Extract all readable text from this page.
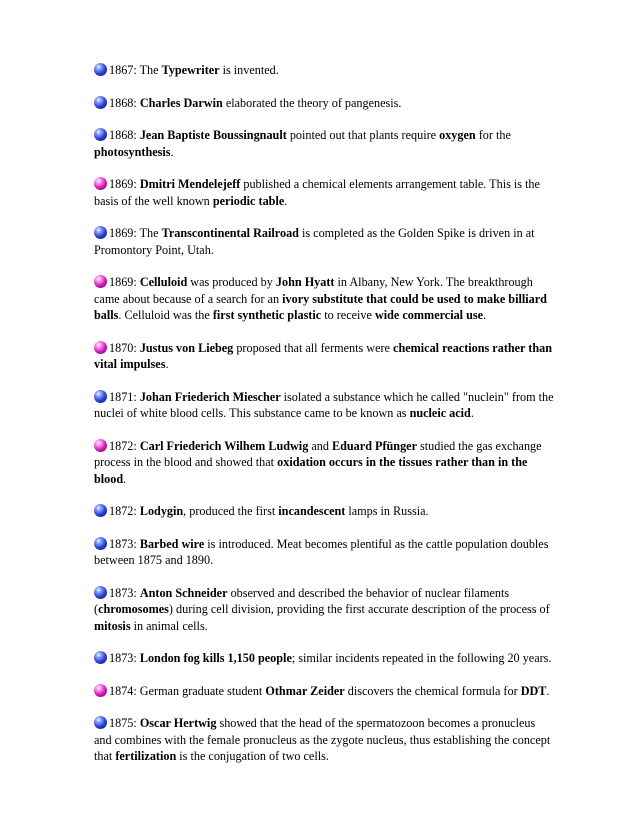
1867: The Typewriter is invented.

1868: Charles Darwin elaborated the theory of pangenesis.

1868: Jean Baptiste Boussingnault pointed out that plants require oxygen for the photosynthesis.

1869: Dmitri Mendelejeff published a chemical elements arrangement table. This is the basis of the well known periodic table.

1869: The Transcontinental Railroad is completed as the Golden Spike is driven in at Promontory Point, Utah.

1869: Celluloid was produced by John Hyatt in Albany, New York. The breakthrough came about because of a search for an ivory substitute that could be used to make billiard balls. Celluloid was the first synthetic plastic to receive wide commercial use.

1870: Justus von Liebeg proposed that all ferments were chemical reactions rather than vital impulses.

1871: Johan Friederich Miescher isolated a substance which he called "nuclein" from the nuclei of white blood cells. This substance came to be known as nucleic acid.

1872: Carl Friederich Wilhem Ludwig and Eduard Pfünger studied the gas exchange process in the blood and showed that oxidation occurs in the tissues rather than in the blood.

1872: Lodygin, produced the first incandescent lamps in Russia.

1873: Barbed wire is introduced. Meat becomes plentiful as the cattle population doubles between 1875 and 1890.

1873: Anton Schneider observed and described the behavior of nuclear filaments (chromosomes) during cell division, providing the first accurate description of the process of mitosis in animal cells.

1873: London fog kills 1,150 people; similar incidents repeated in the following 20 years.

1874: German graduate student Othmar Zeider discovers the chemical formula for DDT.

1875: Oscar Hertwig showed that the head of the spermatozoon becomes a pronucleus and combines with the female pronucleus as the zygote nucleus, thus establishing the concept that fertilization is the conjugation of two cells.
